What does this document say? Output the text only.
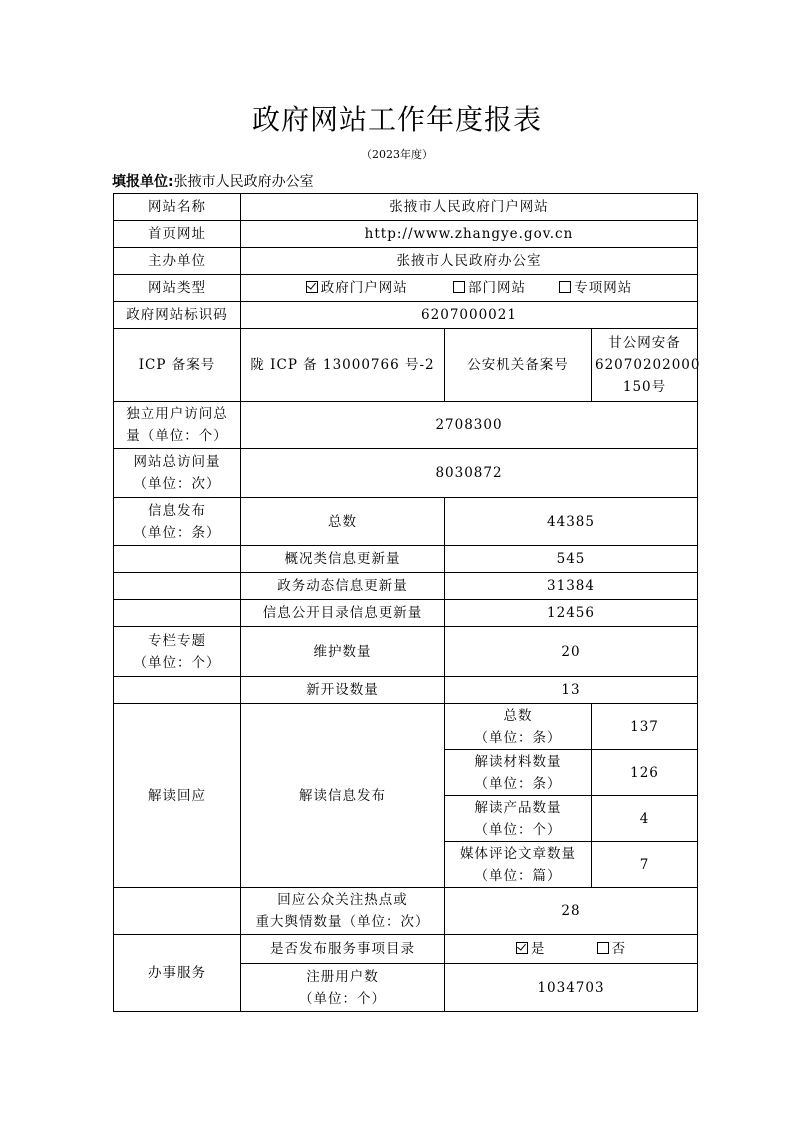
政府网站工作年度报表
（2023年度）
填报单位:张掖市人民政府办公室
网站名称	张掖市人民政府门户网站		
首页网址	http://www.zhangye.gov.cn		
主办单位	张掖市人民政府办公室		
网站类型	政府门户网站 部门网站 专项网站		
政府网站标识码	6207000021		
ICP 备案号	陇 ICP 备 13000766 号-2	公安机关备案号	甘公网安备
62070202000
150号
独立用户访问总
量（单位：个）	2708300		
网站总访问量
（单位：次）	8030872		
信息发布
（单位：条）	总数	44385	
	概况类信息更新量	545	
	政务动态信息更新量	31384	
	信息公开目录信息更新量	12456	
专栏专题
（单位：个）	维护数量	20	
	新开设数量	13	
解读回应	解读信息发布	总数
（单位：条）	137
		解读材料数量
（单位：条）	126
		解读产品数量
（单位：个）	4
		媒体评论文章数量
（单位：篇）	7
	回应公众关注热点或
重大舆情数量（单位：次）	28	
办事服务	是否发布服务事项目录	是 否	
	注册用户数
（单位：个）	1034703	
